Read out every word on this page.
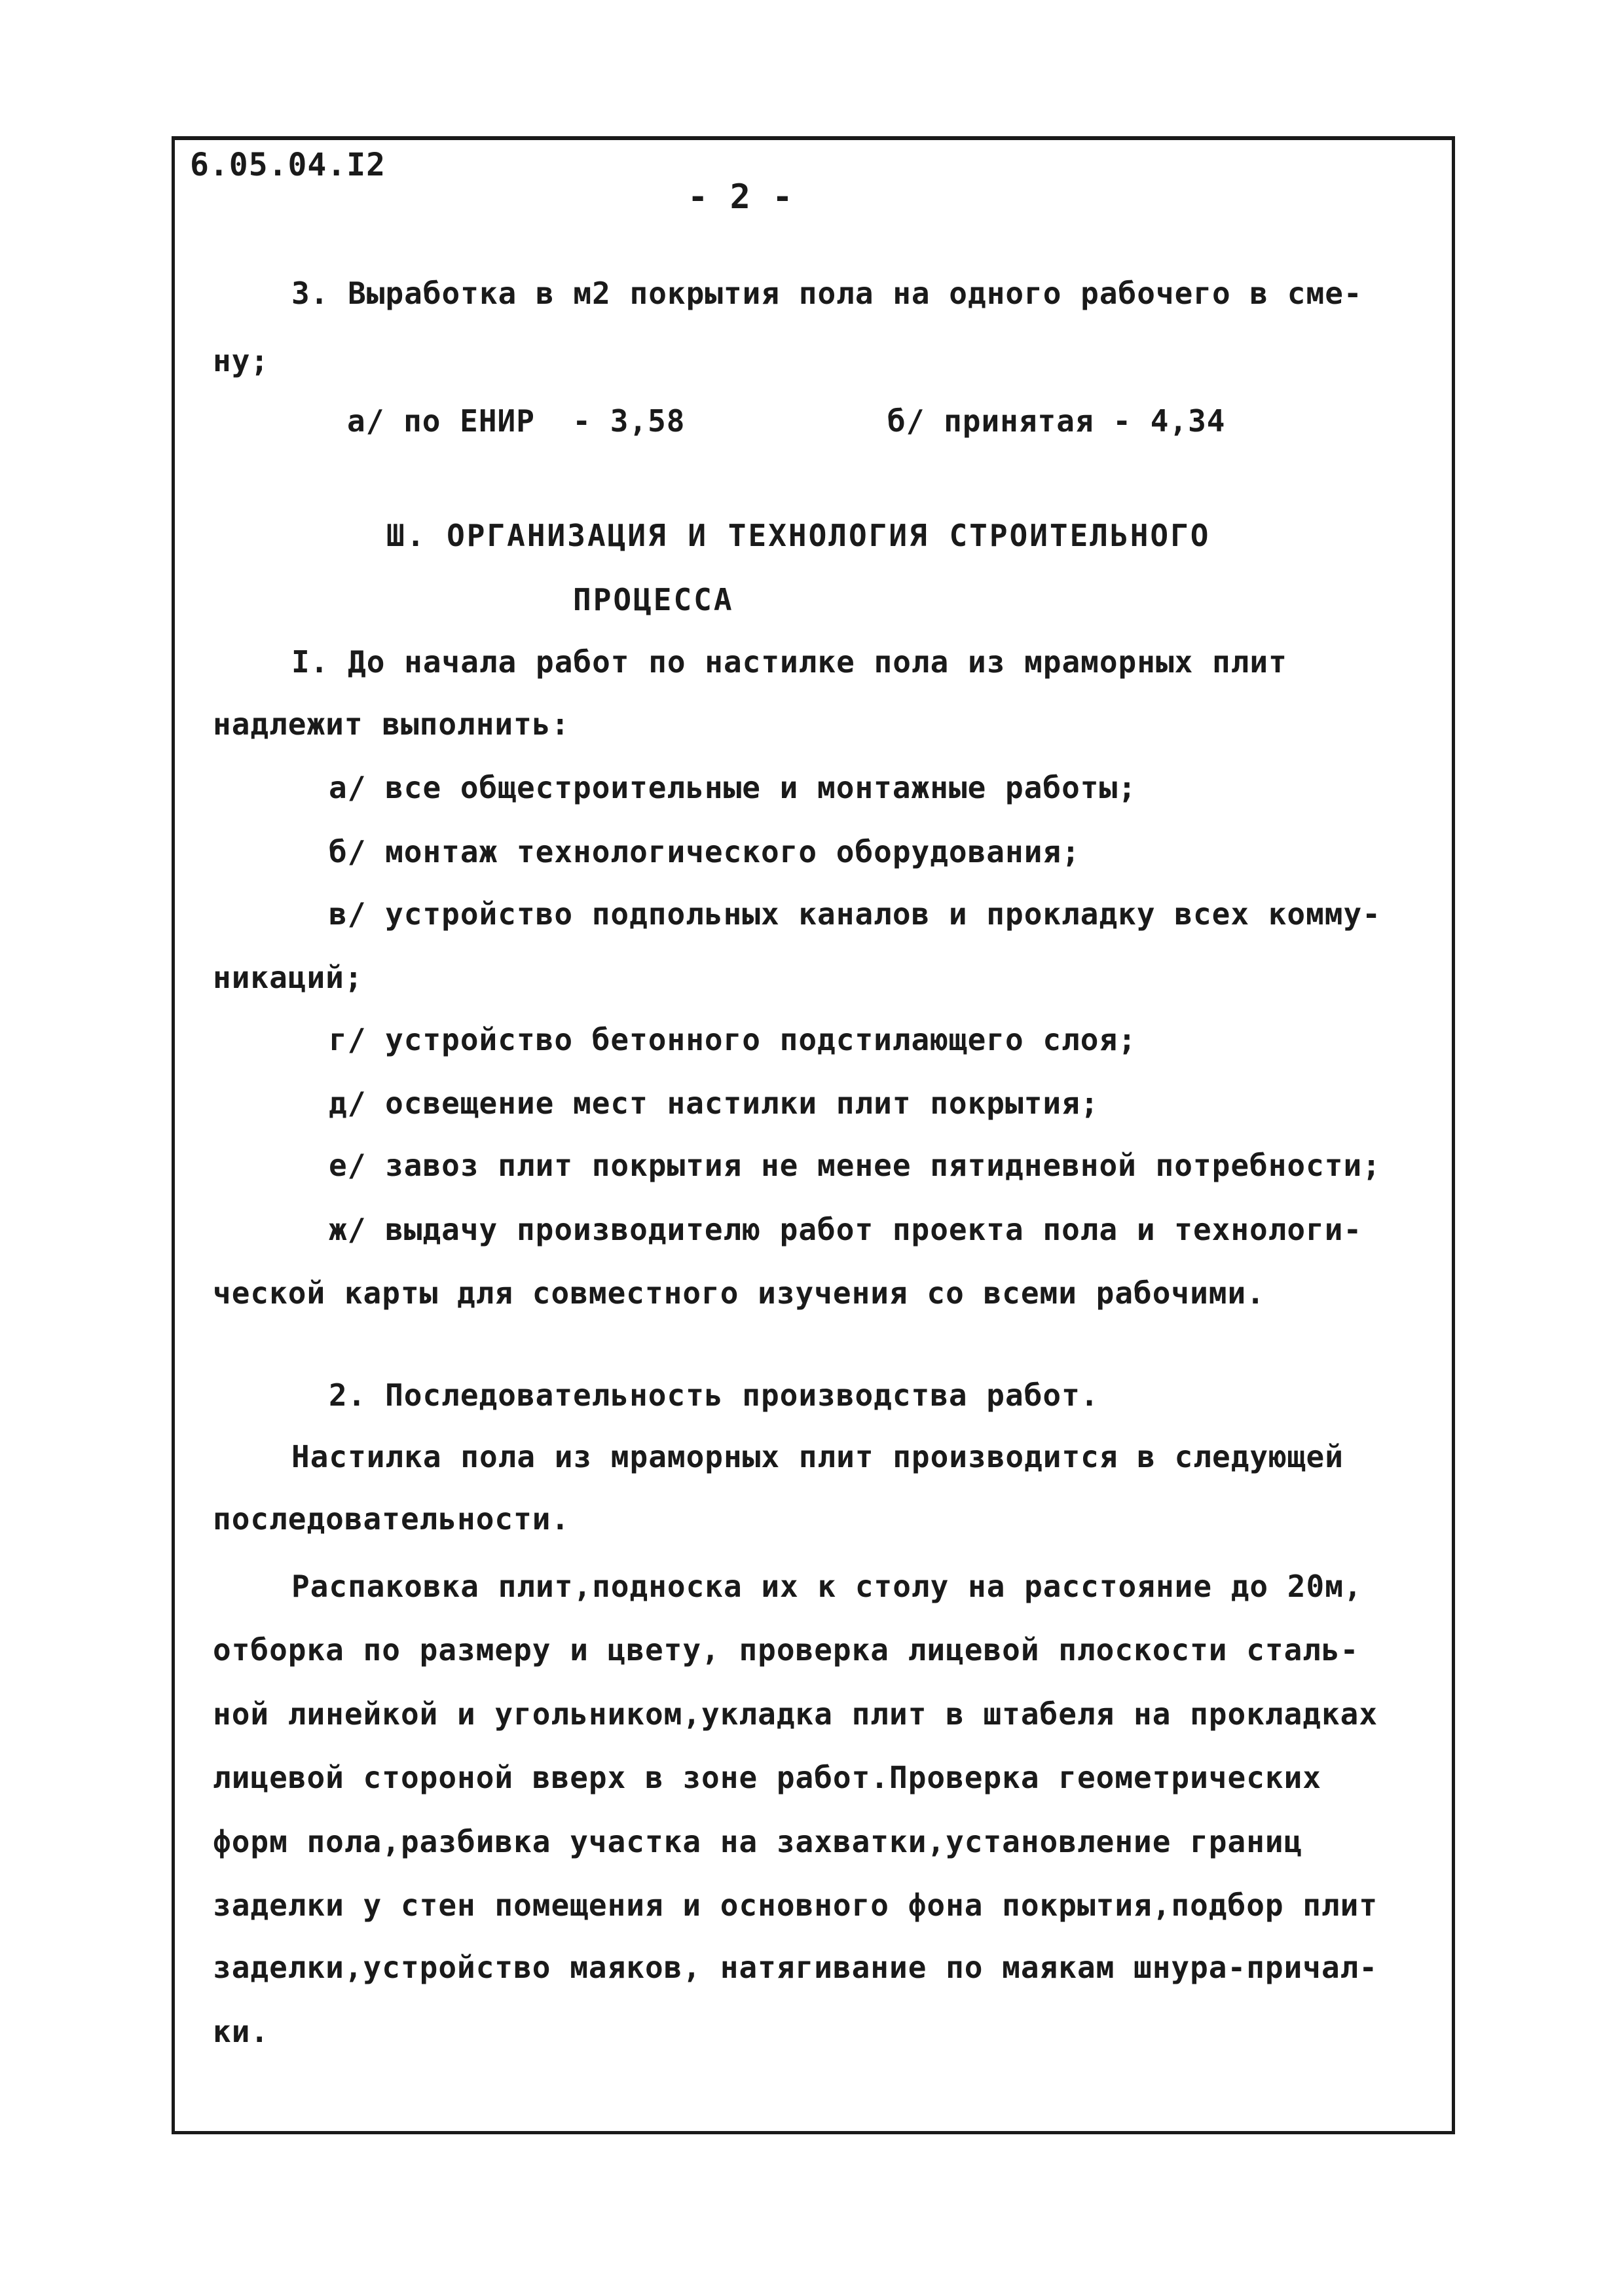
6.05.04.I2
- 2 -
3. Выработка в м2 покрытия пола на одного рабочего в сме-
ну;
а/ по ЕНИР  - 3,58	б/ принятая - 4,34
Ш. ОРГАНИЗАЦИЯ И ТЕХНОЛОГИЯ СТРОИТЕЛЬНОГО
ПРОЦЕССА
I. До начала работ по настилке пола из мраморных плит
надлежит выполнить:
а/ все общестроительные и монтажные работы;
б/ монтаж технологического оборудования;
в/ устройство подпольных каналов и прокладку всех комму-
никаций;
г/ устройство бетонного подстилающего слоя;
д/ освещение мест настилки плит покрытия;
е/ завоз плит покрытия не менее пятидневной потребности;
ж/ выдачу производителю работ проекта пола и технологи-
ческой карты для совместного изучения со всеми рабочими.
2. Последовательность производства работ.
Настилка пола из мраморных плит производится в следующей
последовательности.
Распаковка плит,подноска их к столу на расстояние до 20м,
отборка по размеру и цвету, проверка лицевой плоскости сталь-
ной линейкой и угольником,укладка плит в штабеля на прокладках
лицевой стороной вверх в зоне работ.Проверка геометрических
форм пола,разбивка участка на захватки,установление границ
заделки у стен помещения и основного фона покрытия,подбор плит
заделки,устройство маяков, натягивание по маякам шнура-причал-
ки.
